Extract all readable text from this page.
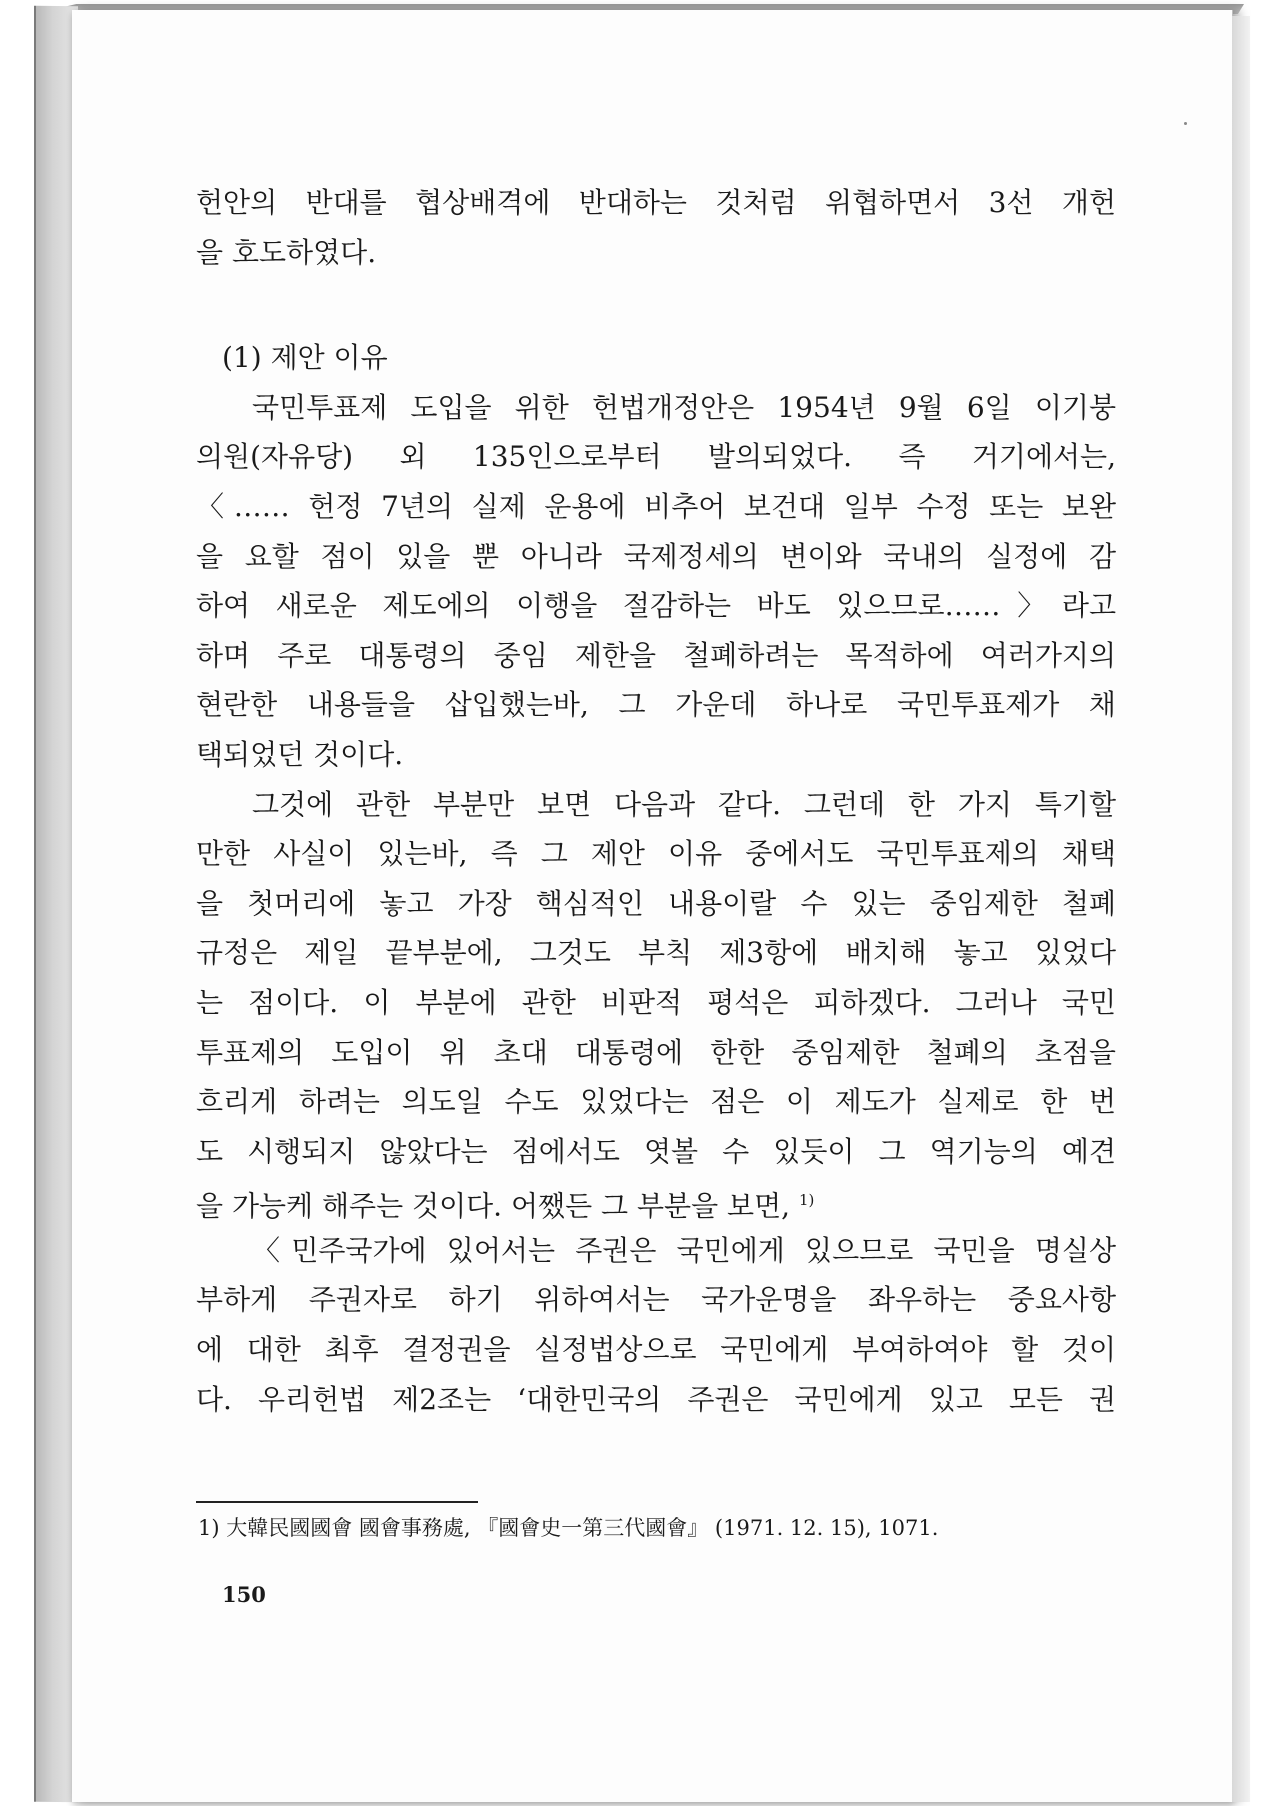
헌안의 반대를 협상배격에 반대하는 것처럼 위협하면서 3선 개헌
을 호도하였다.
(1) 제안 이유
국민투표제 도입을 위한 헌법개정안은 1954년 9월 6일 이기붕
의원(자유당) 외 135인으로부터 발의되었다. 즉 거기에서는,
〈…… 헌정 7년의 실제 운용에 비추어 보건대 일부 수정 또는 보완
을 요할 점이 있을 뿐 아니라 국제정세의 변이와 국내의 실정에 감
하여 새로운 제도에의 이행을 절감하는 바도 있으므로……〉라고
하며 주로 대통령의 중임 제한을 철폐하려는 목적하에 여러가지의
현란한 내용들을 삽입했는바, 그 가운데 하나로 국민투표제가 채
택되었던 것이다.
그것에 관한 부분만 보면 다음과 같다. 그런데 한 가지 특기할
만한 사실이 있는바, 즉 그 제안 이유 중에서도 국민투표제의 채택
을 첫머리에 놓고 가장 핵심적인 내용이랄 수 있는 중임제한 철폐
규정은 제일 끝부분에, 그것도 부칙 제3항에 배치해 놓고 있었다
는 점이다. 이 부분에 관한 비판적 평석은 피하겠다. 그러나 국민
투표제의 도입이 위 초대 대통령에 한한 중임제한 철폐의 초점을
흐리게 하려는 의도일 수도 있었다는 점은 이 제도가 실제로 한 번
도 시행되지 않았다는 점에서도 엿볼 수 있듯이 그 역기능의 예견
을 가능케 해주는 것이다. 어쨌든 그 부분을 보면, $^{1)}$
〈민주국가에 있어서는 주권은 국민에게 있으므로 국민을 명실상
부하게 주권자로 하기 위하여서는 국가운명을 좌우하는 중요사항
에 대한 최후 결정권을 실정법상으로 국민에게 부여하여야 할 것이
다. 우리헌법 제2조는 ‘대한민국의 주권은 국민에게 있고 모든 권
1) 大韓民國國會 國會事務處, 『國會史一第三代國會』 (1971. 12. 15), 1071.
150
